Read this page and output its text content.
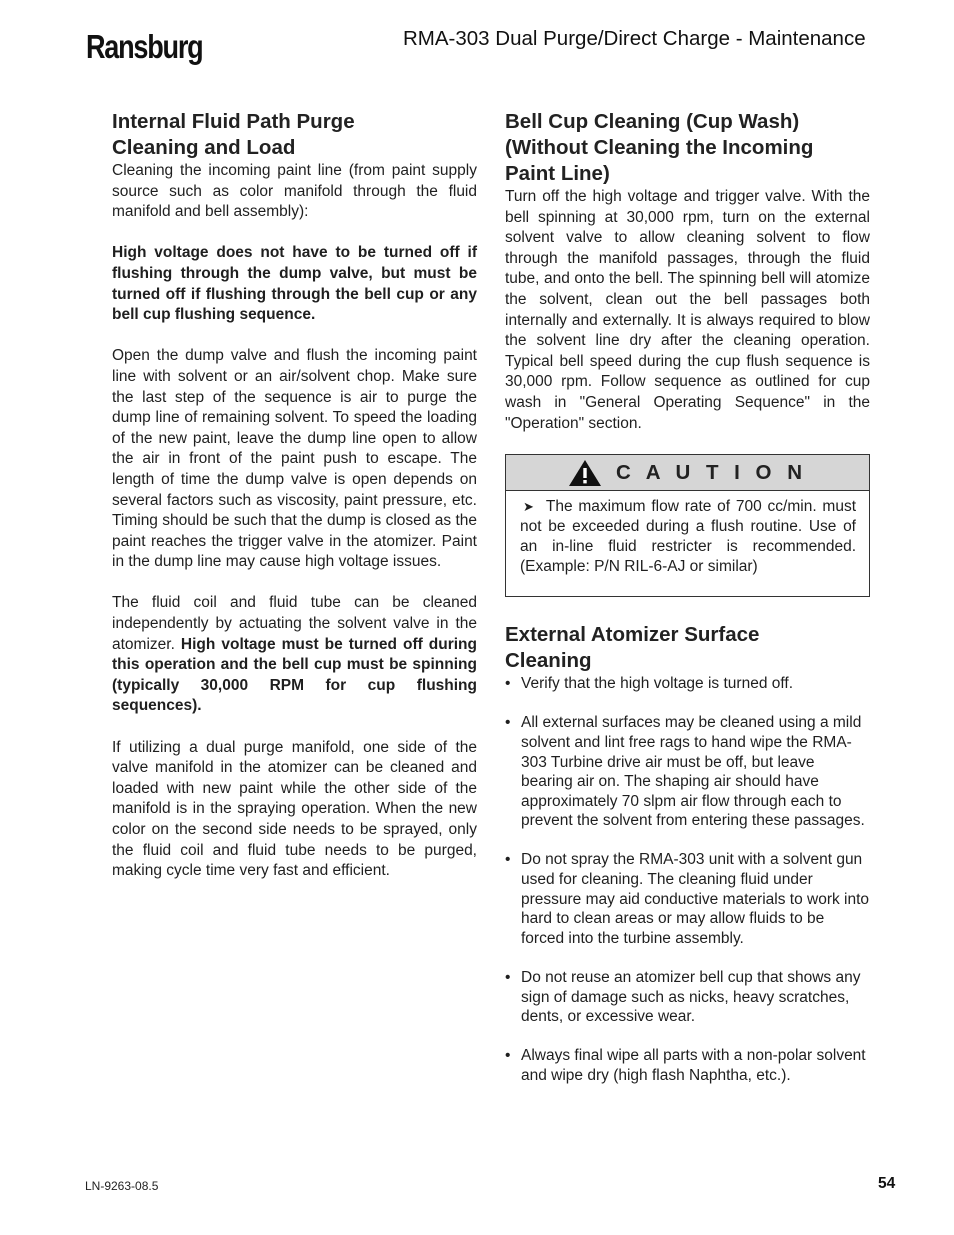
Ransburg	RMA-303 Dual Purge/Direct Charge - Maintenance
Internal Fluid Path Purge
Cleaning and Load

Cleaning the incoming paint line (from paint supply source such as color manifold through the fluid manifold and bell assembly):

High voltage does not have to be turned off if flushing through the dump valve, but must be turned off if flushing through the bell cup or any bell cup flushing sequence.

Open the dump valve and flush the incoming paint line with solvent or an air/solvent chop. Make sure the last step of the sequence is air to purge the dump line of remaining solvent. To speed the loading of the new paint, leave the dump line open to allow the air in front of the paint push to escape. The length of time the dump valve is open depends on several factors such as viscosity, paint pressure, etc. Timing should be such that the dump is closed as the paint reaches the trigger valve in the atomizer. Paint in the dump line may cause high voltage issues.

The fluid coil and fluid tube can be cleaned independently by actuating the solvent valve in the atomizer. High voltage must be turned off during this operation and the bell cup must be spinning (typically 30,000 RPM for cup flushing sequences).

If utilizing a dual purge manifold, one side of the valve manifold in the atomizer can be cleaned and loaded with new paint while the other side of the manifold is in the spraying operation. When the new color on the second side needs to be sprayed, only the fluid coil and fluid tube needs to be purged, making cycle time very fast and efficient.

Bell Cup Cleaning (Cup Wash)
(Without Cleaning the Incoming
Paint Line)

Turn off the high voltage and trigger valve. With the bell spinning at 30,000 rpm, turn on the external solvent valve to allow cleaning solvent to flow through the manifold passages, through the fluid tube, and onto the bell. The spinning bell will atomize the solvent, clean out the bell passages both internally and externally. It is always required to blow the solvent line dry after the cleaning operation. Typical bell speed during the cup flush sequence is 30,000 rpm. Follow sequence as outlined for cup wash in "General Operating Sequence" in the "Operation" section.

C A U T I O N

➤ The maximum flow rate of 700 cc/min. must not be exceeded during a flush routine. Use of an in-line fluid restricter is recommended. (Example: P/N RIL-6-AJ or similar)

External Atomizer Surface
Cleaning
• Verify that the high voltage is turned off.
• All external surfaces may be cleaned using a mild solvent and lint free rags to hand wipe the RMA-303 Turbine drive air must be off, but leave bearing air on. The shaping air should have approximately 70 slpm air flow through each to prevent the solvent from entering these passages.
• Do not spray the RMA-303 unit with a solvent gun used for cleaning. The cleaning fluid under pressure may aid conductive materials to work into hard to clean areas or may allow fluids to be forced into the turbine assembly.
• Do not reuse an atomizer bell cup that shows any sign of damage such as nicks, heavy scratches, dents, or excessive wear.
• Always final wipe all parts with a non-polar solvent and wipe dry (high flash Naphtha, etc.).
LN-9263-08.5	54
